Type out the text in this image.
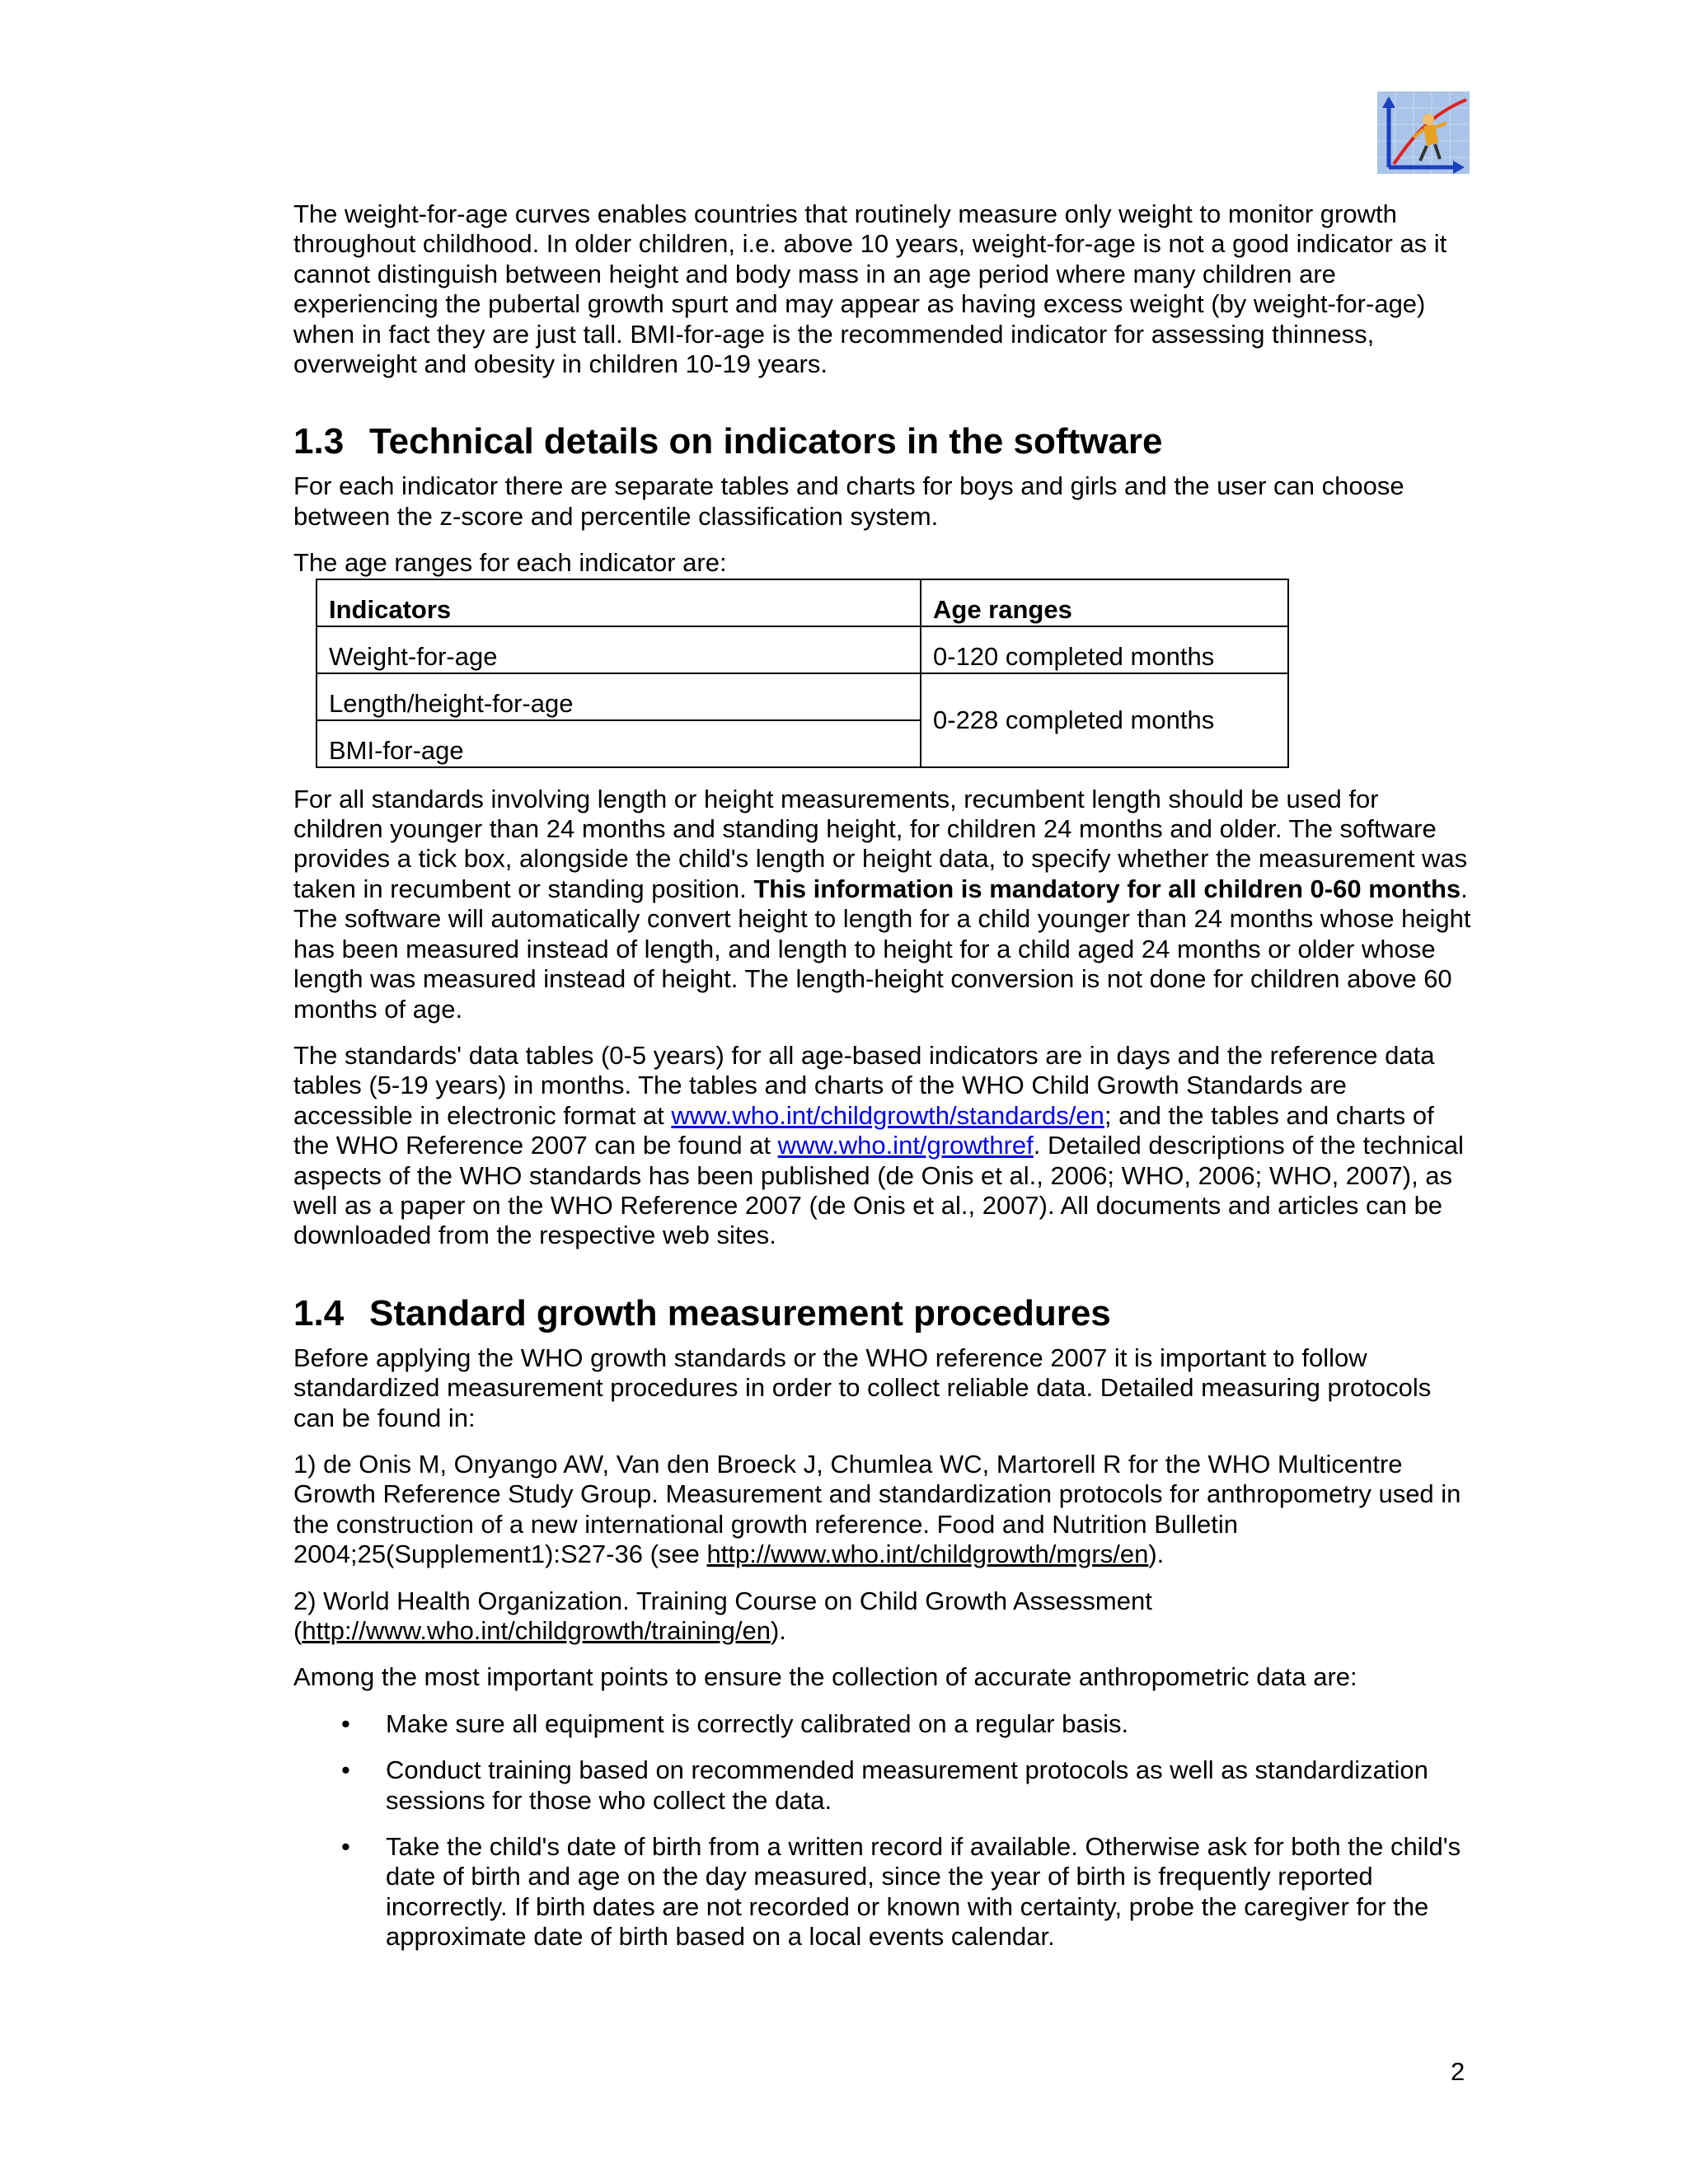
The weight-for-age curves enables countries that routinely measure only weight to monitor growth throughout childhood. In older children, i.e. above 10 years, weight-for-age is not a good indicator as it cannot distinguish between height and body mass in an age period where many children are experiencing the pubertal growth spurt and may appear as having excess weight (by weight-for-age) when in fact they are just tall. BMI-for-age is the recommended indicator for assessing thinness, overweight and obesity in children 10-19 years.

1.3 Technical details on indicators in the software

For each indicator there are separate tables and charts for boys and girls and the user can choose between the z-score and percentile classification system.

The age ranges for each indicator are:

Indicators	Age ranges
Weight-for-age	0-120 completed months
Length/height-for-age	0-228 completed months
BMI-for-age	

For all standards involving length or height measurements, recumbent length should be used for children younger than 24 months and standing height, for children 24 months and older. The software provides a tick box, alongside the child's length or height data, to specify whether the measurement was taken in recumbent or standing position. This information is mandatory for all children 0-60 months. The software will automatically convert height to length for a child younger than 24 months whose height has been measured instead of length, and length to height for a child aged 24 months or older whose length was measured instead of height. The length-height conversion is not done for children above 60 months of age.

The standards' data tables (0-5 years) for all age-based indicators are in days and the reference data tables (5-19 years) in months. The tables and charts of the WHO Child Growth Standards are accessible in electronic format at www.who.int/childgrowth/standards/en; and the tables and charts of the WHO Reference 2007 can be found at www.who.int/growthref. Detailed descriptions of the technical aspects of the WHO standards has been published (de Onis et al., 2006; WHO, 2006; WHO, 2007), as well as a paper on the WHO Reference 2007 (de Onis et al., 2007). All documents and articles can be downloaded from the respective web sites.

1.4 Standard growth measurement procedures

Before applying the WHO growth standards or the WHO reference 2007 it is important to follow standardized measurement procedures in order to collect reliable data. Detailed measuring protocols can be found in:

1) de Onis M, Onyango AW, Van den Broeck J, Chumlea WC, Martorell R for the WHO Multicentre Growth Reference Study Group. Measurement and standardization protocols for anthropometry used in the construction of a new international growth reference. Food and Nutrition Bulletin 2004;25(Supplement1):S27-36 (see http://www.who.int/childgrowth/mgrs/en).

2) World Health Organization. Training Course on Child Growth Assessment (http://www.who.int/childgrowth/training/en).

Among the most important points to ensure the collection of accurate anthropometric data are:

• Make sure all equipment is correctly calibrated on a regular basis.
• Conduct training based on recommended measurement protocols as well as standardization sessions for those who collect the data.
• Take the child's date of birth from a written record if available. Otherwise ask for both the child's date of birth and age on the day measured, since the year of birth is frequently reported incorrectly. If birth dates are not recorded or known with certainty, probe the caregiver for the approximate date of birth based on a local events calendar.
2
